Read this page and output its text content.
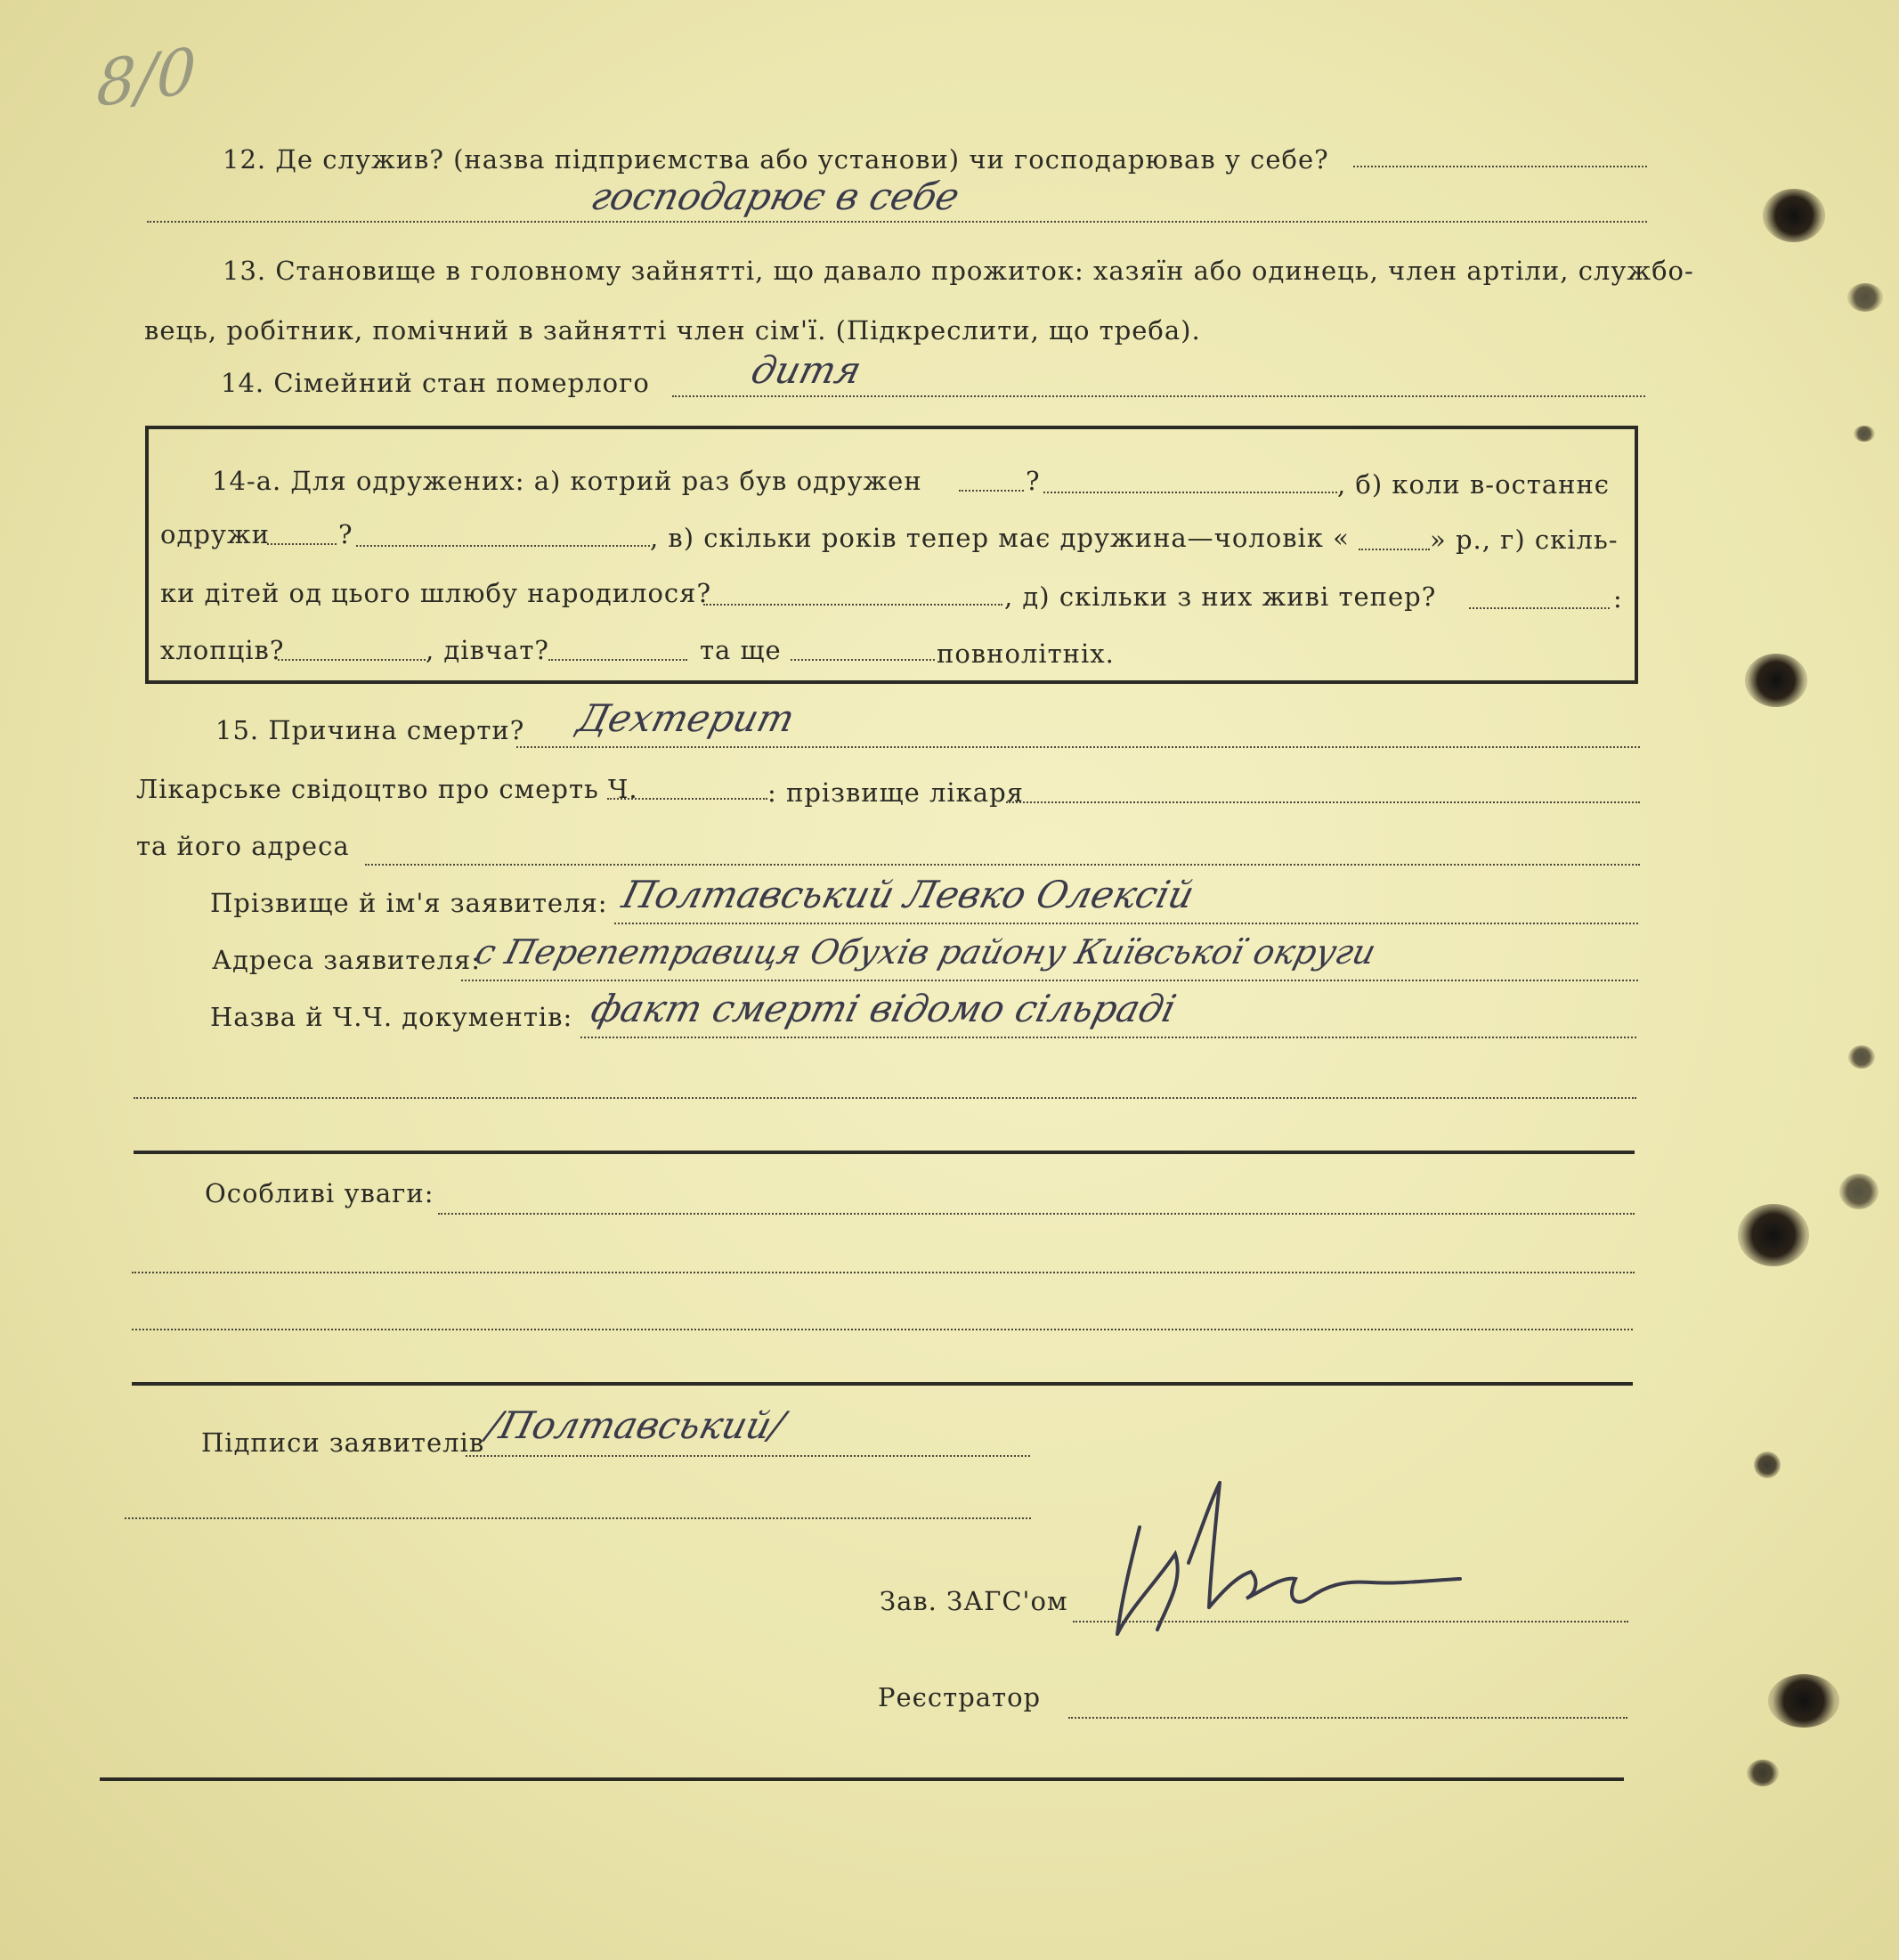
8/0
12. Де служив? (назва підприємства або установи) чи господарював у себе?
господарює в себе
13. Становище в головному зайнятті, що давало прожиток: хазяїн або одинець, член артіли, службо-
вець, робітник, помічний в зайнятті член сім'ї. (Підкреслити, що треба).
14. Сімейний стан померлого	дитя
14-а. Для одружених: а) котрий раз був одружен	?	, б) коли в-останнє
одружи	?	, в) скільки років тепер має дружина—чоловік «	» р., г) скіль-
ки дітей од цього шлюбу народилося?	, д) скільки з них живі тепер?	:
хлопців?	, дівчат?	та ще	повнолітніх.
15. Причина смерти? Дехтерит
Лікарське свідоцтво про смерть Ч.	: прізвище лікаря
та його адреса
Прізвище й ім'я заявителя: Полтавський Левко Олексій
Адреса заявителя:
с Перепетравиця Обухів району Київської округи
Назва й Ч.Ч. документів: факт смерті відомо сільраді
Особливі уваги:
Підписи заявителів
/Полтавський/
Зав. ЗАГС'ом
Реєстратор
